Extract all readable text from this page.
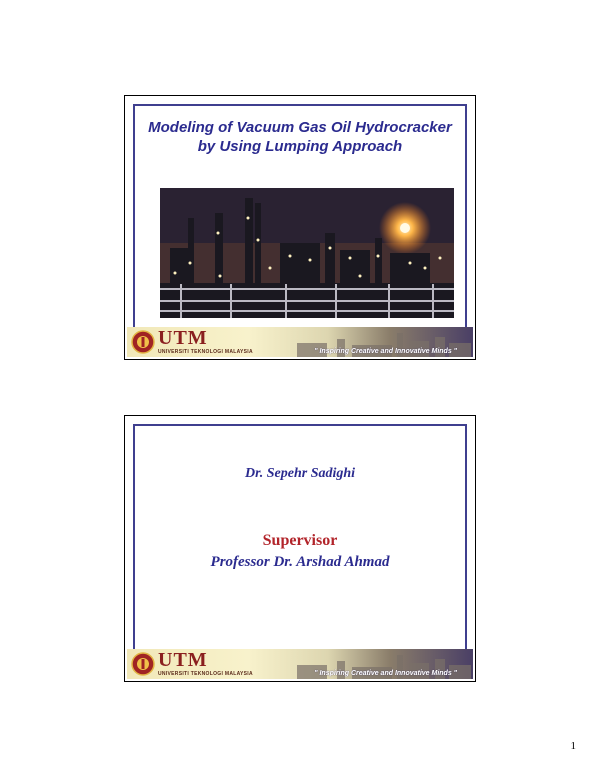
Modeling of Vacuum Gas Oil Hydrocracker
by Using Lumping Approach
UTM
UNIVERSITI TEKNOLOGI MALAYSIA	" Inspiring Creative and Innovative Minds "
Dr. Sepehr Sadighi
Supervisor
Professor Dr. Arshad Ahmad
UTM
UNIVERSITI TEKNOLOGI MALAYSIA	" Inspiring Creative and Innovative Minds "
1
